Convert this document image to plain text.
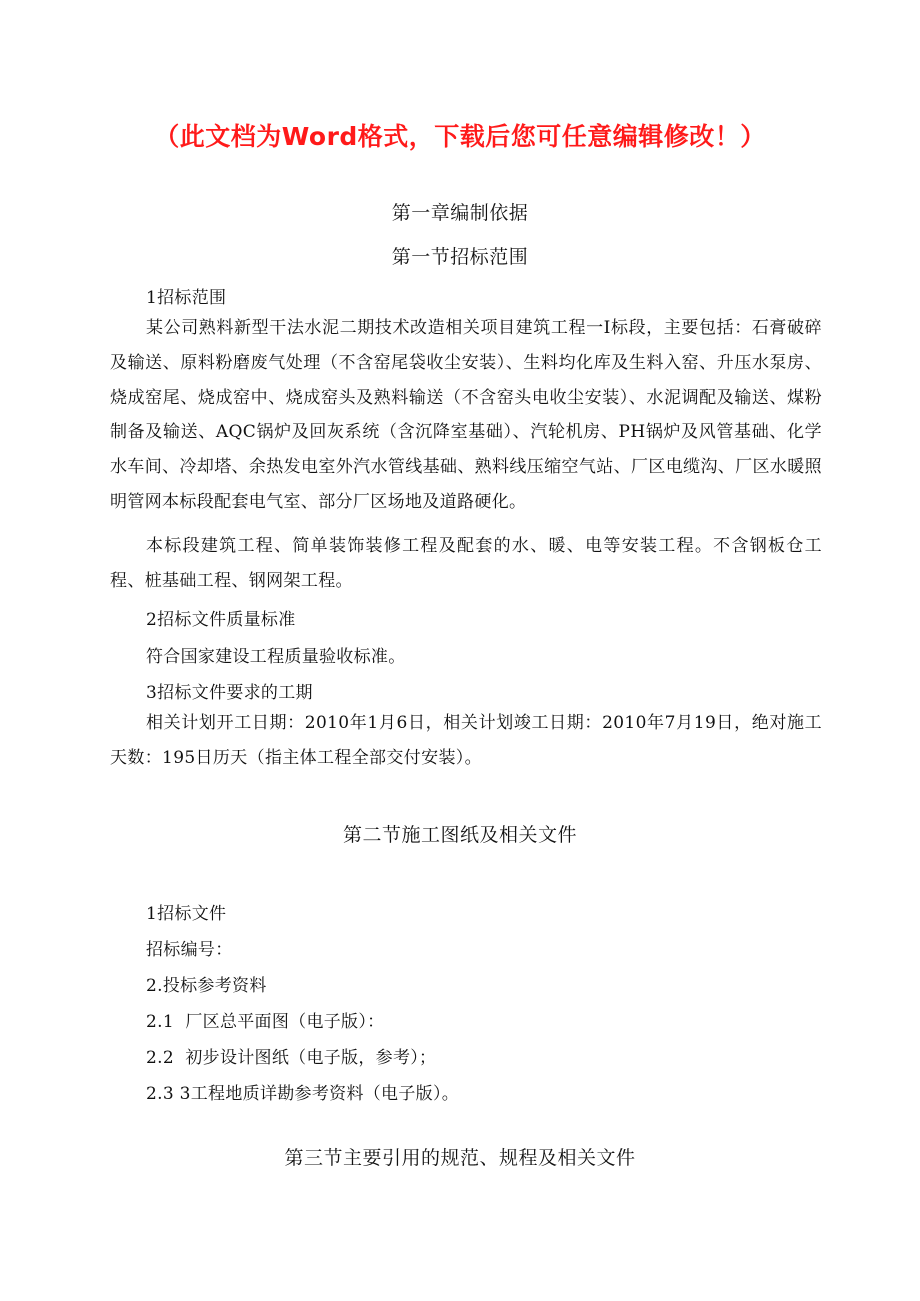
（此文档为Word格式，下载后您可任意编辑修改！）
第一章编制依据
第一节招标范围
1招标范围
某公司熟料新型干法水泥二期技术改造相关项目建筑工程一I标段，主要包括：石膏破碎及输送、原料粉磨废气处理（不含窑尾袋收尘安装）、生料均化库及生料入窑、升压水泵房、烧成窑尾、烧成窑中、烧成窑头及熟料输送（不含窑头电收尘安装）、水泥调配及输送、煤粉制备及输送、AQC锅炉及回灰系统（含沉降室基础）、汽轮机房、PH锅炉及风管基础、化学水车间、冷却塔、余热发电室外汽水管线基础、熟料线压缩空气站、厂区电缆沟、厂区水暖照明管网本标段配套电气室、部分厂区场地及道路硬化。
本标段建筑工程、简单装饰装修工程及配套的水、暖、电等安装工程。不含钢板仓工程、桩基础工程、钢网架工程。
2招标文件质量标准
符合国家建设工程质量验收标准。
3招标文件要求的工期
相关计划开工日期：2010年1月6日，相关计划竣工日期：2010年7月19日，绝对施工天数：195日历天（指主体工程全部交付安装）。
第二节施工图纸及相关文件
1招标文件
招标编号：
2.投标参考资料
2.1  厂区总平面图（电子版）：
2.2  初步设计图纸（电子版，参考）；
2.3 3工程地质详勘参考资料（电子版）。
第三节主要引用的规范、规程及相关文件
